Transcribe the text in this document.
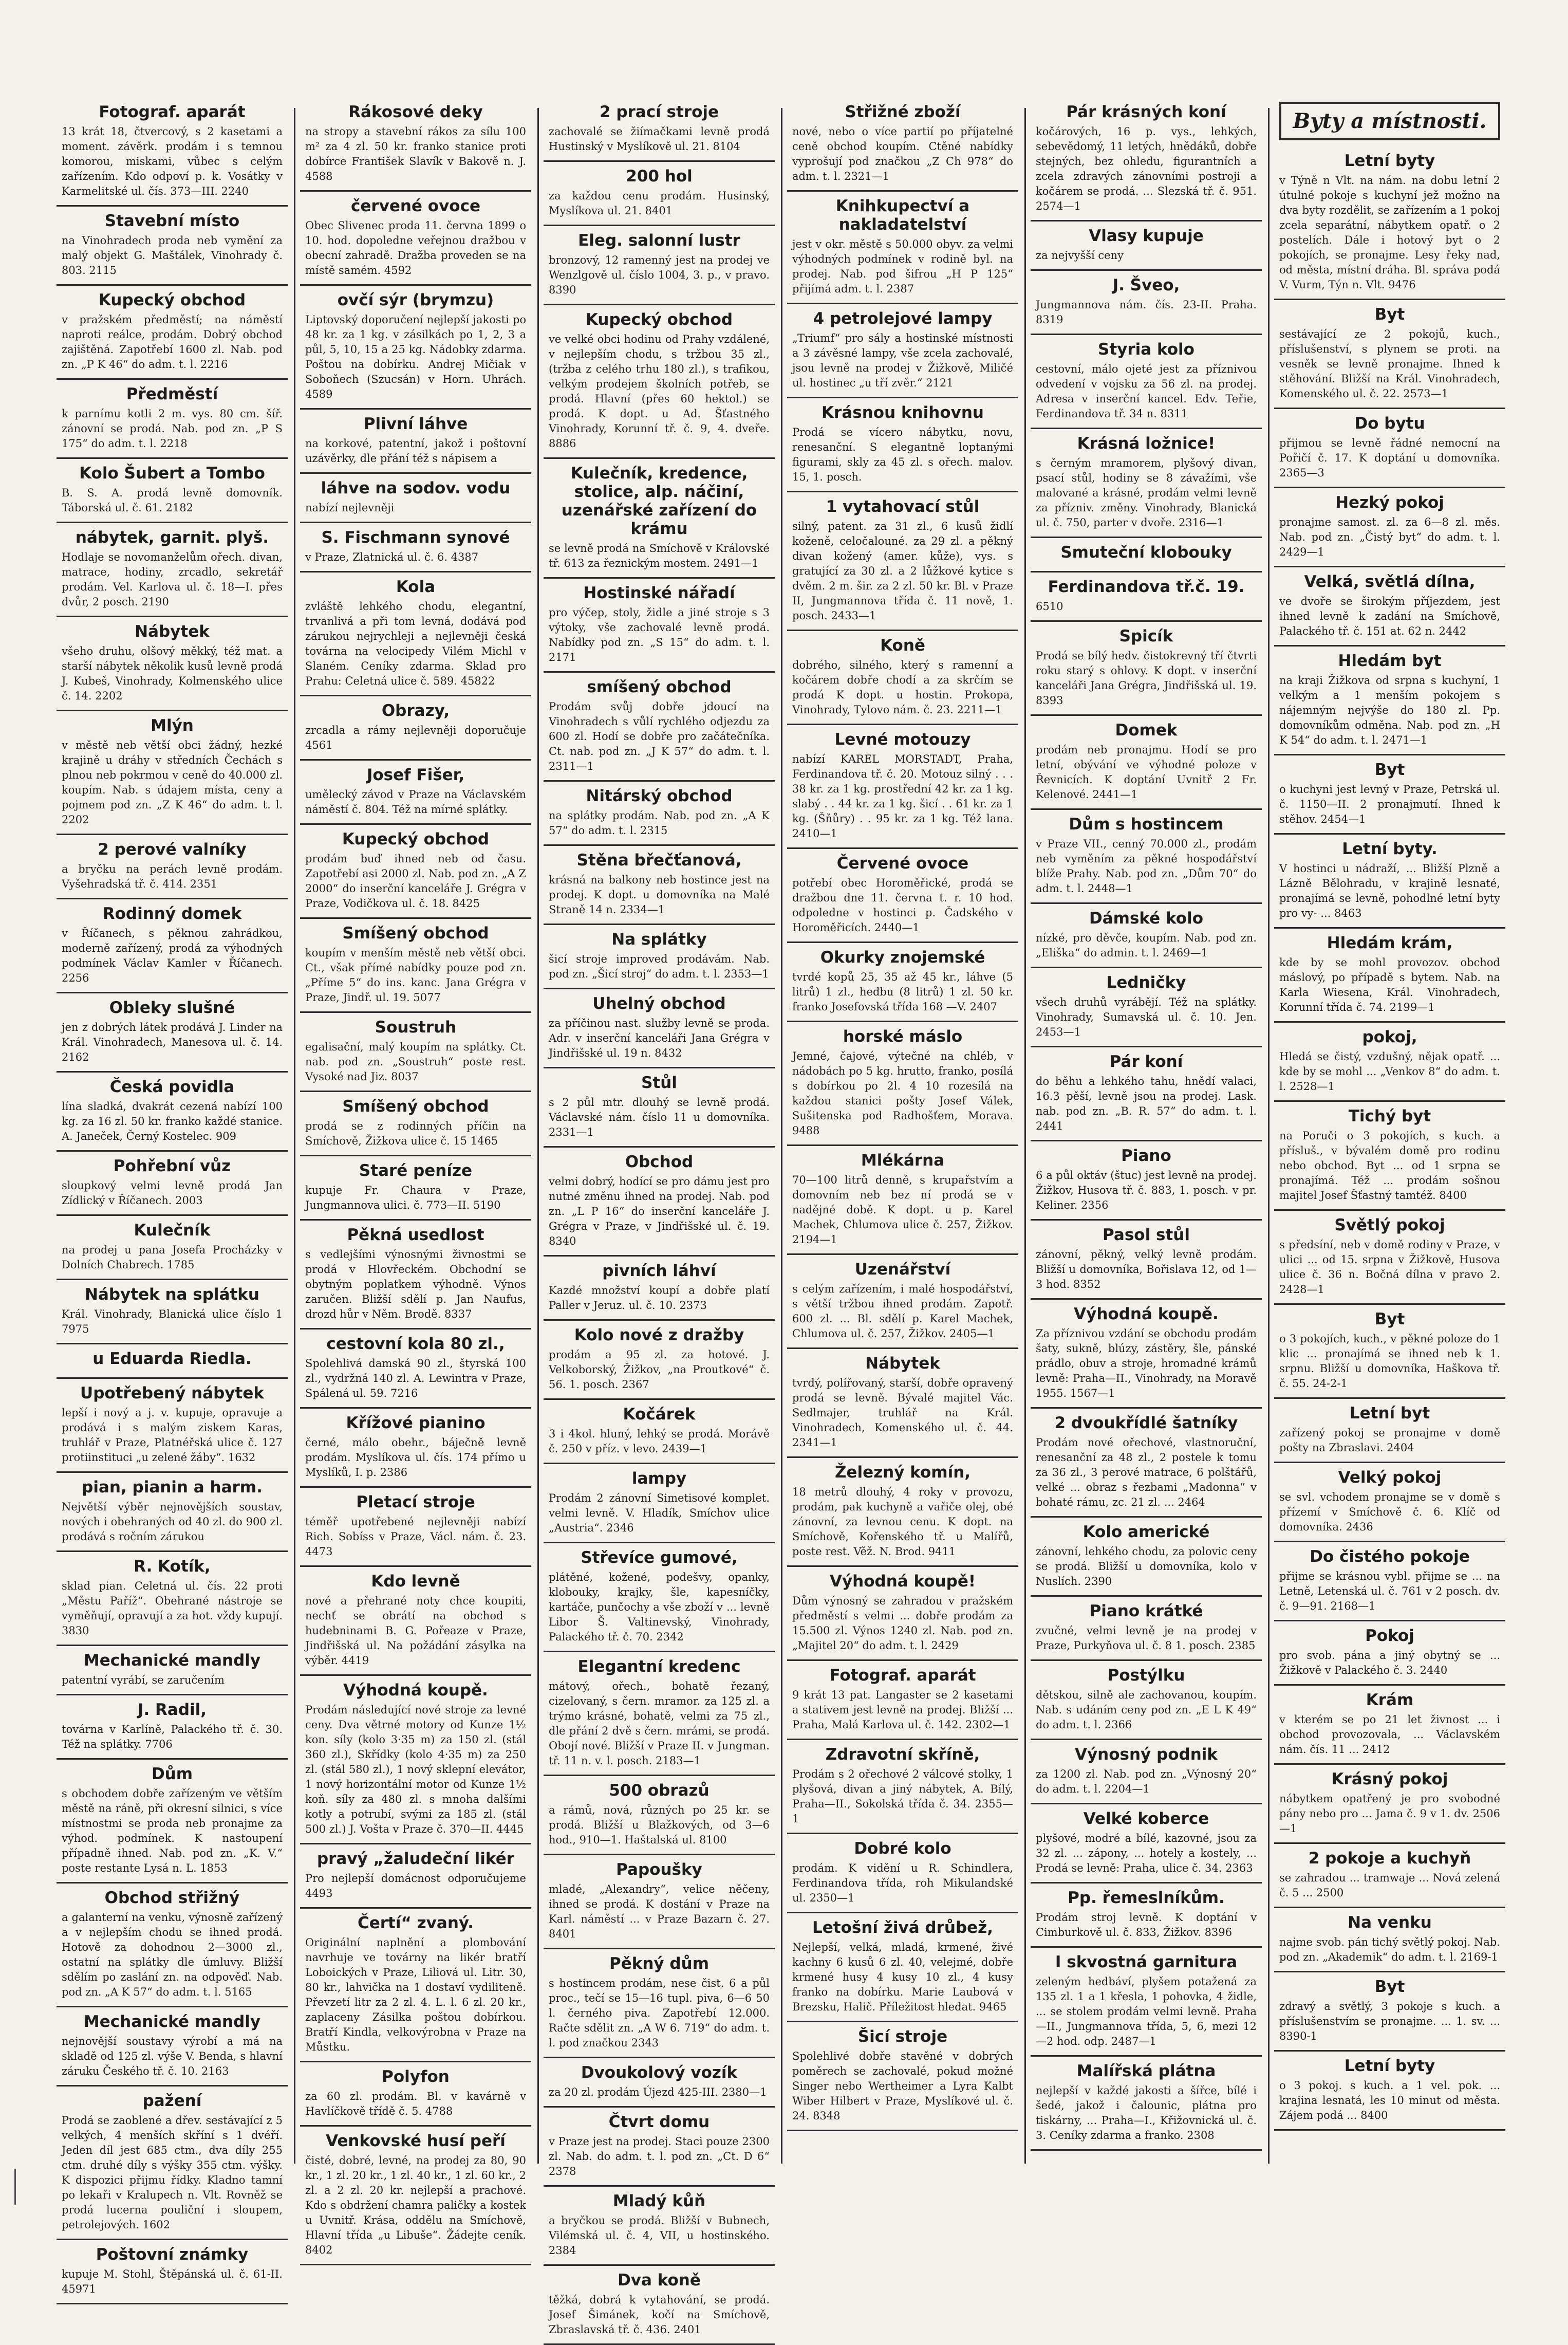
Fotograf. aparát

13 krát 18, čtvercový, s 2 kasetami a moment. závěrk. prodám i s temnou komorou, miskami, vůbec s celým zařízením. Kdo odpoví p. k. Vosátky v Karmelitské ul. čís. 373—III. 2240

Stavební místo

na Vinohradech proda neb vymění za malý objekt G. Maštálek, Vinohrady č. 803. 2115

Kupecký obchod

v pražském předměstí; na náměstí naproti reálce, prodám. Dobrý obchod zajištěná. Zapotřebí 1600 zl. Nab. pod zn. „P K 46“ do adm. t. l. 2216

Předměstí

k parnímu kotli 2 m. vys. 80 cm. šíř. zánovní se prodá. Nab. pod zn. „P S 175“ do adm. t. l. 2218

Kolo Šubert a Tombo

B. S. A. prodá levně domovník. Táborská ul. č. 61. 2182

nábytek, garnit. plyš.

Hodlaje se novomanželům ořech. divan, matrace, hodiny, zrcadlo, sekretář prodám. Vel. Karlova ul. č. 18—I. přes dvůr, 2 posch. 2190

Nábytek

všeho druhu, olšový měkký, též mat. a starší nábytek několik kusů levně prodá J. Kubeš, Vinohrady, Kolmenského ulice č. 14. 2202

Mlýn

v městě neb větší obci žádný, hezké krajině u dráhy v středních Čechách s plnou neb pokrmou v ceně do 40.000 zl. koupím. Nab. s údajem místa, ceny a pojmem pod zn. „Z K 46“ do adm. t. l. 2202

2 perové valníky

a bryčku na perách levně prodám. Vyšehradská tř. č. 414. 2351

Rodinný domek

v Říčanech, s pěknou zahrádkou, moderně zařízený, prodá za výhodných podmínek Václav Kamler v Říčanech. 2256

Obleky slušné

jen z dobrých látek prodává J. Linder na Král. Vinohradech, Manesova ul. č. 14. 2162

Česká povidla

lína sladká, dvakrát cezená nabízí 100 kg. za 16 zl. 50 kr. franko každé stanice. A. Janeček, Černý Kostelec. 909

Pohřební vůz

sloupkový velmi levně prodá Jan Zídlický v Říčanech. 2003

Kulečník

na prodej u pana Josefa Procházky v Dolních Chabrech. 1785

Nábytek na splátku

Král. Vinohrady, Blanická ulice číslo 1 7975

u Eduarda Riedla.

Upotřebený nábytek

lepší i nový a j. v. kupuje, opravuje a prodává i s malým ziskem Karas, truhlář v Praze, Platnéřská ulice č. 127 protiinstituci „u zelené žáby“. 1632

pian, pianin a harm.

Největší výběr nejnovějších soustav, nových i obehraných od 40 zl. do 900 zl. prodává s ročním zárukou

R. Kotík,

sklad pian. Celetná ul. čís. 22 proti „Městu Paříž“. Obehrané nástroje se vyměňují, opravují a za hot. vždy kupují. 3830

Mechanické mandly

patentní vyrábí, se zaručením

J. Radil,

továrna v Karlíně, Palackého tř. č. 30. Též na splátky. 7706

Dům

s obchodem dobře zařízeným ve větším městě na ráně, při okresní silnici, s více místnostmi se proda neb pronajme za výhod. podmínek. K nastoupení případně ihned. Nab. pod zn. „K. V.“ poste restante Lysá n. L. 1853

Obchod střižný

a galanterní na venku, výnosně zařízený a v nejlepším chodu se ihned prodá. Hotově za dohodnou 2—3000 zl., ostatní na splátky dle úmluvy. Bližší sdělím po zaslání zn. na odpověď. Nab. pod zn. „A K 57“ do adm. t. l. 5165

Mechanické mandly

nejnovější soustavy výrobí a má na skladě od 125 zl. výše V. Benda, s hlavní záruku Českého tř. č. 10. 2163

pažení

Prodá se zaoblené a dřev. sestávající z 5 velkých, 4 menších skříní s 1 dvéří. Jeden díl jest 685 ctm., dva díly 255 ctm. druhé díly s výšky 355 ctm. výšky. K dispozici přijmu řídky. Kladno tamní po lekaři v Kralupech n. Vlt. Rovněž se prodá lucerna pouliční i sloupem, petrolejových. 1602

Poštovní známky

kupuje M. Stohl, Štěpánská ul. č. 61-II. 45971

Rákosové deky

na stropy a stavební rákos za sílu 100 m² za 4 zl. 50 kr. franko stanice proti dobírce František Slavík v Bakově n. J. 4588

červené ovoce

Obec Slivenec proda 11. června 1899 o 10. hod. dopoledne veřejnou dražbou v obecní zahradě. Dražba proveden se na místě samém. 4592

ovčí sýr (brymzu)

Liptovský doporučení nejlepší jakosti po 48 kr. za 1 kg. v zásilkách po 1, 2, 3 a půl, 5, 10, 15 a 25 kg. Nádobky zdarma. Poštou na dobírku. Andrej Mičiak v Soboňech (Szucsán) v Horn. Uhrách. 4589

Plivní láhve

na korkové, patentní, jakož i poštovní uzávěrky, dle přání též s nápisem a

láhve na sodov. vodu

nabízí nejlevněji

S. Fischmann synové

v Praze, Zlatnická ul. č. 6. 4387

Kola

zvláště lehkého chodu, elegantní, trvanlivá a při tom levná, dodává pod zárukou nejrychleji a nejlevněji česká továrna na velocipedy Vilém Michl v Slaném. Ceníky zdarma. Sklad pro Prahu: Celetná ulice č. 589. 45822

Obrazy,

zrcadla a rámy nejlevněji doporučuje 4561

Josef Fišer,

umělecký závod v Praze na Václavském náměstí č. 804. Též na mírné splátky.

Kupecký obchod

prodám buď ihned neb od času. Zapotřebí asi 2000 zl. Nab. pod zn. „A Z 2000“ do inserční kanceláře J. Grégra v Praze, Vodičkova ul. č. 18. 8425

Smíšený obchod

koupím v menším městě neb větší obci. Ct., však přímé nabídky pouze pod zn. „Příme 5“ do ins. kanc. Jana Grégra v Praze, Jindř. ul. 19. 5077

Soustruh

egalisační, malý koupím na splátky. Ct. nab. pod zn. „Soustruh“ poste rest. Vysoké nad Jiz. 8037

Smíšený obchod

prodá se z rodinných příčin na Smíchově, Žižkova ulice č. 15 1465

Staré peníze

kupuje Fr. Chaura v Praze, Jungmannova ulici. č. 773—II. 5190

Pěkná usedlost

s vedlejšími výnosnými živnostmi se prodá v Hlovřeckém. Obchodní se obytným poplatkem výhodně. Výnos zaručen. Bližší sdělí p. Jan Naufus, drozd hůr v Něm. Brodě. 8337

cestovní kola 80 zl.,

Spolehlivá damská 90 zl., štyrská 100 zl., vydržná 140 zl. A. Lewintra v Praze, Spálená ul. 59. 7216

Křížové pianino

černé, málo obehr., báječně levně prodám. Myslíkova ul. čís. 174 přímo u Myslíků, I. p. 2386

Pletací stroje

téměř upotřebené nejlevněji nabízí Rich. Sobíss v Praze, Václ. nám. č. 23. 4473

Kdo levně

nové a přehrané noty chce koupiti, nechť se obrátí na obchod s hudebninami B. G. Pořeaze v Praze, Jindřišská ul. Na požádání zásylka na výběr. 4419

Výhodná koupě.

Prodám následující nové stroje za levné ceny. Dva větrné motory od Kunze 1½ kon. síly (kolo 3·35 m) za 150 zl. (stál 360 zl.), Skřídky (kolo 4·35 m) za 250 zl. (stál 580 zl.), 1 nový sklepní elevátor, 1 nový horizontální motor od Kunze 1½ koň. síly za 480 zl. s mnoha dalšími kotly a potrubí, svými za 185 zl. (stál 500 zl.) J. Vošta v Praze č. 370—II. 4445

pravý „žaludeční likér

Pro nejlepší domácnost odporučujeme 4493

Čertí“ zvaný.

Originální naplnění a plombování navrhuje ve továrny na likér bratří Loboických v Praze, Liliová ul. Litr. 30, 80 kr., lahvička na 1 dostaví vydiliteně. Převzetí litr za 2 zl. 4. L. l. 6 zl. 20 kr., zaplaceny Zásilka poštou dobírkou. Bratří Kindla, velkovýrobna v Praze na Můstku.

Polyfon

za 60 zl. prodám. Bl. v kavárně v Havlíčkově třídě č. 5. 4788

Venkovské husí peří

čisté, dobré, levné, na prodej za 80, 90 kr., 1 zl. 20 kr., 1 zl. 40 kr., 1 zl. 60 kr., 2 zl. a 2 zl. 20 kr. nejlepší a prachové. Kdo s obdržení chamra paličky a kostek u Uvnitř. Krása, oddělu na Smíchově, Hlavní třída „u Libuše“. Žádejte ceník. 8402

2 prací stroje

zachovalé se žiímačkami levně prodá Hustinský v Myslíkově ul. 21. 8104

200 hol

za každou cenu prodám. Husinský, Myslíkova ul. 21. 8401

Eleg. salonní lustr

bronzový, 12 ramenný jest na prodej ve Wenzlgově ul. číslo 1004, 3. p., v pravo. 8390

Kupecký obchod

ve velké obci hodinu od Prahy vzdálené, v nejlepším chodu, s tržbou 35 zl., (tržba z celého trhu 180 zl.), s trafikou, velkým prodejem školních potřeb, se prodá. Hlavní (přes 60 hektol.) se prodá. K dopt. u Ad. Šťastného Vinohrady, Korunní tř. č. 9, 4. dveře. 8886

Kulečník, kredence, stolice, alp. náčiní, uzenářské zařízení do krámu

se levně prodá na Smíchově v Královské tř. 613 za řeznickým mostem. 2491—1

Hostinské nářadí

pro výčep, stoly, židle a jiné stroje s 3 výtoky, vše zachovalé levně prodá. Nabídky pod zn. „S 15“ do adm. t. l. 2171

smíšený obchod

Prodám svůj dobře jdoucí na Vinohradech s vůlí rychlého odjezdu za 600 zl. Hodí se dobře pro začátečníka. Ct. nab. pod zn. „J K 57“ do adm. t. l. 2311—1

Nitárský obchod

na splátky prodám. Nab. pod zn. „A K 57“ do adm. t. l. 2315

Stěna břečťanová,

krásná na balkony neb hostince jest na prodej. K dopt. u domovníka na Malé Straně 14 n. 2334—1

Na splátky

šicí stroje improved prodávám. Nab. pod zn. „Šicí stroj“ do adm. t. l. 2353—1

Uhelný obchod

za příčinou nast. služby levně se proda. Adr. v inserční kanceláři Jana Grégra v Jindřišské ul. 19 n. 8432

Stůl

s 2 půl mtr. dlouhý se levně prodá. Václavské nám. číslo 11 u domovníka. 2331—1

Obchod

velmi dobrý, hodící se pro dámu jest pro nutné změnu ihned na prodej. Nab. pod zn. „L P 16“ do inserční kanceláře J. Grégra v Praze, v Jindřišské ul. č. 19. 8340

pivních láhví

Kazdé množství koupí a dobře platí Paller v Jeruz. ul. č. 10. 2373

Kolo nové z dražby

prodám a 95 zl. za hotové. J. Velkoborský, Žižkov, „na Proutkové“ č. 56. 1. posch. 2367

Kočárek

3 i 4kol. hluný, lehký se prodá. Morávě č. 250 v příz. v levo. 2439—1

lampy

Prodám 2 zánovní Simetisové komplet. velmi levně. V. Hladík, Smíchov ulice „Austria“. 2346

Střevíce gumové,

plátěné, kožené, podešvy, opanky, klobouky, krajky, šle, kapesníčky, kartáče, punčochy a vše zboží v ... levně Libor Š. Valtinevský, Vinohrady, Palackého tř. č. 70. 2342

Elegantní kredenc

mátový, ořech., bohatě řezaný, cizelovaný, s čern. mramor. za 125 zl. a trýmo krásné, bohatě, velmi za 75 zl., dle přání 2 dvě s čern. mrámi, se prodá. Obojí nové. Bližší v Praze II. v Jungman. tř. 11 n. v. l. posch. 2183—1

500 obrazů

a rámů, nová, různých po 25 kr. se prodá. Bližší u Blažkových, od 3—6 hod., 910—1. Haštalská ul. 8100

Papoušky

mladé, „Alexandry“, velice něčeny, ihned se prodá. K dostání v Praze na Karl. náměstí ... v Praze Bazarn č. 27. 8401

Pěkný dům

s hostincem prodám, nese čist. 6 a půl proc., tečí se 15—16 tupl. piva, 6—6 50 l. černého piva. Zapotřebí 12.000. Račte sdělit zn. „A W 6. 719“ do adm. t. l. pod značkou 2343

Dvoukolový vozík

za 20 zl. prodám Újezd 425-III. 2380—1

Čtvrt domu

v Praze jest na prodej. Staci pouze 2300 zl. Nab. do adm. t. l. pod zn. „Ct. D 6“ 2378

Mladý kůň

a bryčkou se prodá. Bližší v Bubnech, Vilémská ul. č. 4, VII, u hostinského. 2384

Dva koně

těžká, dobrá k vytahování, se prodá. Josef Šimánek, kočí na Smíchově, Zbraslavská tř. č. 436. 2401

Střižné zboží

nové, nebo o více partií po příjatelné ceně obchod koupím. Ctěné nabídky vyprošují pod značkou „Z Ch 978“ do adm. t. l. 2321—1

Knihkupectví a nakladatelství

jest v okr. městě s 50.000 obyv. za velmi výhodných podmínek v rodině byl. na prodej. Nab. pod šifrou „H P 125“ přijímá adm. t. l. 2387

4 petrolejové lampy

„Triumf“ pro sály a hostinské místnosti a 3 závěsné lampy, vše zcela zachovalé, jsou levně na prodej v Žižkově, Miličé ul. hostinec „u tří zvěr.“ 2121

Krásnou knihovnu

Prodá se vícero nábytku, novu, renesanční. S elegantně loptanými figurami, skly za 45 zl. s ořech. malov. 15, 1. posch.

1 vytahovací stůl

silný, patent. za 31 zl., 6 kusů židlí koženě, celočalouné. za 29 zl. a pěkný divan kožený (amer. kůže), vys. s gratující za 30 zl. a 2 lůžkové kytice s dvěm. 2 m. šir. za 2 zl. 50 kr. Bl. v Praze II, Jungmannova třída č. 11 nově, 1. posch. 2433—1

Koně

dobrého, silného, který s ramenní a kočárem dobře chodí a za skrčím se prodá K dopt. u hostin. Prokopa, Vinohrady, Tylovo nám. č. 23. 2211—1

Levné motouzy

nabízí KAREL MORSTADT, Praha, Ferdinandova tř. č. 20. Motouz silný . . . 38 kr. za 1 kg. prostřední 42 kr. za 1 kg. slabý . . 44 kr. za 1 kg. šicí . . 61 kr. za 1 kg. (Šňůry) . . 95 kr. za 1 kg. Též lana. 2410—1

Červené ovoce

potřebí obec Horoměřické, prodá se dražbou dne 11. června t. r. 10 hod. odpoledne v hostinci p. Čadského v Horoměřicích. 2440—1

Okurky znojemské

tvrdé kopů 25, 35 až 45 kr., láhve (5 litrů) 1 zl., hedbu (8 litrů) 1 zl. 50 kr. franko Josefovská třída 168 —V. 2407

horské máslo

Jemné, čajové, výtečné na chléb, v nádobách po 5 kg. hrutto, franko, posílá s dobírkou po 2l. 4 10 rozesílá na každou stanici pošty Josef Válek, Sušitenska pod Radhošťem, Morava. 9488

Mlékárna

70—100 litrů denně, s krupařstvím a domovním neb bez ní prodá se v nadějné době. K dopt. u p. Karel Machek, Chlumova ulice č. 257, Žižkov. 2194—1

Uzenářství

s celým zařízením, i malé hospodářství, s větší tržbou ihned prodám. Zapotř. 600 zl. ... Bl. sdělí p. Karel Machek, Chlumova ul. č. 257, Žižkov. 2405—1

Nábytek

tvrdý, polířovaný, starší, dobře opravený prodá se levně. Bývalé majitel Vác. Sedlmajer, truhlář na Král. Vinohradech, Komenského ul. č. 44. 2341—1

Železný komín,

18 metrů dlouhý, 4 roky v provozu, prodám, pak kuchyně a vařiče olej, obé zánovní, za levnou cenu. K dopt. na Smíchově, Kořenského tř. u Malířů, poste rest. Věž. N. Brod. 9411

Výhodná koupě!

Dům výnosný se zahradou v pražském předměstí s velmi ... dobře prodám za 15.500 zl. Výnos 1240 zl. Nab. pod zn. „Majitel 20“ do adm. t. l. 2429

Fotograf. aparát

9 krát 13 pat. Langaster se 2 kasetami a stativem jest levně na prodej. Bližší ... Praha, Malá Karlova ul. č. 142. 2302—1

Zdravotní skříně,

Prodám s 2 ořechové 2 válcové stolky, 1 plyšová, divan a jiný nábytek, A. Bílý, Praha—II., Sokolská třída č. 34. 2355—1

Dobré kolo

prodám. K vidění u R. Schindlera, Ferdinandova třída, roh Mikulandské ul. 2350—1

Letošní živá drůbež,

Nejlepší, velká, mladá, krmené, živé kachny 6 kusů 6 zl. 40, velejmé, dobře krmené husy 4 kusy 10 zl., 4 kusy franko na dobírku. Marie Laubová v Brezsku, Halič. Příležitost hledat. 9465

Šicí stroje

Spolehlivé dobře stavěné v dobrých poměrech se zachovalé, pokud možné Singer nebo Wertheimer a Lyra Kalbt Wiber Hilbert v Praze, Myslíkové ul. č. 24. 8348

Pár krásných koní

kočárových, 16 p. vys., lehkých, sebevědomý, 11 letých, hnědáků, dobře stejných, bez ohledu, figurantních a zcela zdravých zánovními postroji a kočárem se prodá. ... Slezská tř. č. 951. 2574—1

Vlasy kupuje

za nejvyšší ceny

J. Šveo,

Jungmannova nám. čís. 23-II. Praha. 8319

Styria kolo

cestovní, málo ojeté jest za příznivou odvedení v vojsku za 56 zl. na prodej. Adresa v inserční kancel. Edv. Teřie, Ferdinandova tř. 34 n. 8311

Krásná ložnice!

s černým mramorem, plyšový divan, psací stůl, hodiny se 8 závažími, vše malované a krásné, prodám velmi levně za přízniv. změny. Vinohrady, Blanická ul. č. 750, parter v dvoře. 2316—1

Smuteční klobouky

Ferdinandova tř.č. 19.

6510

Spicík

Prodá se bílý hedv. čistokrevný tří čtvrti roku starý s ohlovy. K dopt. v inserční kanceláři Jana Grégra, Jindřišská ul. 19. 8393

Domek

prodám neb pronajmu. Hodí se pro letní, obývání ve výhodné poloze v Řevnicích. K doptání Uvnitř 2 Fr. Kelenové. 2441—1

Dům s hostincem

v Praze VII., cenný 70.000 zl., prodám neb vyměním za pěkné hospodářství blíže Prahy. Nab. pod zn. „Dům 70“ do adm. t. l. 2448—1

Dámské kolo

nízké, pro děvče, koupím. Nab. pod zn. „Eliška“ do admin. t. l. 2469—1

Ledničky

všech druhů vyrábějí. Též na splátky. Vinohrady, Sumavská ul. č. 10. Jen. 2453—1

Pár koní

do běhu a lehkého tahu, hnědí valaci, 16.3 pěší, levně jsou na prodej. Lask. nab. pod zn. „B. R. 57“ do adm. t. l. 2441

Piano

6 a půl oktáv (štuc) jest levně na prodej. Žižkov, Husova tř. č. 883, 1. posch. v pr. Keliner. 2356

Pasol stůl

zánovní, pěkný, velký levně prodám. Bližší u domovníka, Bořislava 12, od 1—3 hod. 8352

Výhodná koupě.

Za příznivou vzdání se obchodu prodám šaty, sukně, blúzy, zástěry, šle, pánské prádlo, obuv a stroje, hromadné krámů levně: Praha—II., Vinohrady, na Moravě 1955. 1567—1

2 dvoukřídlé šatníky

Prodám nové ořechové, vlastnoruční, renesanční za 48 zl., 2 postele k tomu za 36 zl., 3 perové matrace, 6 polštářů, velké ... obraz s řezbami „Madonna“ v bohaté rámu, zc. 21 zl. ... 2464

Kolo americké

zánovní, lehkého chodu, za polovic ceny se prodá. Bližší u domovníka, kolo v Nuslích. 2390

Piano krátké

zvučné, velmi levně je na prodej v Praze, Purkyňova ul. č. 8 1. posch. 2385

Postýlku

dětskou, silně ale zachovanou, koupím. Nab. s udáním ceny pod zn. „E L K 49“ do adm. t. l. 2366

Výnosný podnik

za 1200 zl. Nab. pod zn. „Výnosný 20“ do adm. t. l. 2204—1

Velké koberce

plyšové, modré a bílé, kazovné, jsou za 32 zl. ... zápony, ... hotely a kostely, ... Prodá se levně: Praha, ulice č. 34. 2363

Pp. řemeslníkům.

Prodám stroj levně. K doptání v Cimburkově ul. č. 833, Žižkov. 8396

I skvostná garnitura

zeleným hedbáví, plyšem potažená za 135 zl. 1 a 1 křesla, 1 pohovka, 4 židle, ... se stolem prodám velmi levně. Praha—II., Jungmannova třída, 5, 6, mezi 12—2 hod. odp. 2487—1

Malířská plátna

nejlepší v každé jakosti a šířce, bílé i šedé, jakož i čalounic, plátna pro tiskárny, ... Praha—I., Křižovnická ul. č. 3. Ceníky zdarma a franko. 2308

Byty a místnosti.
Letní byty

v Týně n Vlt. na nám. na dobu letní 2 útulné pokoje s kuchyní jež možno na dva byty rozdělit, se zařízením a 1 pokoj zcela separátní, nábytkem opatř. o 2 postelích. Dále i hotový byt o 2 pokojích, se pronajme. Lesy řeky nad, od města, místní dráha. Bl. správa podá V. Vurm, Týn n. Vlt. 9476

Byt

sestávající ze 2 pokojů, kuch., příslušenství, s plynem se proti. na vesněk se levně pronajme. Ihned k stěhování. Bližší na Král. Vinohradech, Komenského ul. č. 22. 2573—1

Do bytu

přijmou se levně řádné nemocní na Pořičí č. 17. K doptání u domovníka. 2365—3

Hezký pokoj

pronajme samost. zl. za 6—8 zl. měs. Nab. pod zn. „Čistý byt“ do adm. t. l. 2429—1

Velká, světlá dílna,

ve dvoře se širokým příjezdem, jest ihned levně k zadání na Smíchově, Palackého tř. č. 151 at. 62 n. 2442

Hledám byt

na kraji Žižkova od srpna s kuchyní, 1 velkým a 1 menším pokojem s nájemným nejvýše do 180 zl. Pp. domovníkům odměna. Nab. pod zn. „H K 54“ do adm. t. l. 2471—1

Byt

o kuchyni jest levný v Praze, Petrská ul. č. 1150—II. 2 pronajmutí. Ihned k stěhov. 2454—1

Letní byty.

V hostinci u nádraží, ... Bližší Plzně a Lázně Bělohradu, v krajině lesnaté, pronajímá se levně, pohodlné letní byty pro vy- ... 8463

Hledám krám,

kde by se mohl provozov. obchod máslový, po případě s bytem. Nab. na Karla Wiesena, Král. Vinohradech, Korunní třída č. 74. 2199—1

pokoj,

Hledá se čistý, vzdušný, nějak opatř. ... kde by se mohl ... „Venkov 8“ do adm. t. l. 2528—1

Tichý byt

na Poruči o 3 pokojích, s kuch. a přísluš., v bývalém domě pro rodinu nebo obchod. Byt ... od 1 srpna se pronajímá. Též ... prodám sošnou majitel Josef Šťastný tamtéž. 8400

Světlý pokoj

s předsíní, neb v domě rodiny v Praze, v ulici ... od 15. srpna v Žižkově, Husova ulice č. 36 n. Bočná dílna v pravo 2. 2428—1

Byt

o 3 pokojích, kuch., v pěkné poloze do 1 klic ... pronajímá se ihned neb k 1. srpnu. Bližší u domovníka, Haškova tř. č. 55. 24-2-1

Letní byt

zařízený pokoj se pronajme v domě pošty na Zbraslavi. 2404

Velký pokoj

se svl. vchodem pronajme se v domě s přízemí v Smíchově č. 6. Klíč od domovníka. 2436

Do čistého pokoje

přijme se krásnou vybl. přijme se ... na Letně, Letenská ul. č. 761 v 2 posch. dv. č. 9—91. 2168—1

Pokoj

pro svob. pána a jiný obytný se ... Žižkově v Palackého č. 3. 2440

Krám

v kterém se po 21 let živnost ... i obchod provozovala, ... Václavském nám. čís. 11 ... 2412

Krásný pokoj

nábytkem opatřený je pro svobodné pány nebo pro ... Jama č. 9 v 1. dv. 2506—1

2 pokoje a kuchyň

se zahradou ... tramwaje ... Nová zelená č. 5 ... 2500

Na venku

najme svob. pán tichý světlý pokoj. Nab. pod zn. „Akademik“ do adm. t. l. 2169-1

Byt

zdravý a světlý, 3 pokoje s kuch. a příslušenstvím se pronajme. ... 1. sv. ... 8390-1

Letní byty

o 3 pokoj. s kuch. a 1 vel. pok. ... krajina lesnatá, les 10 minut od města. Zájem podá ... 8400
